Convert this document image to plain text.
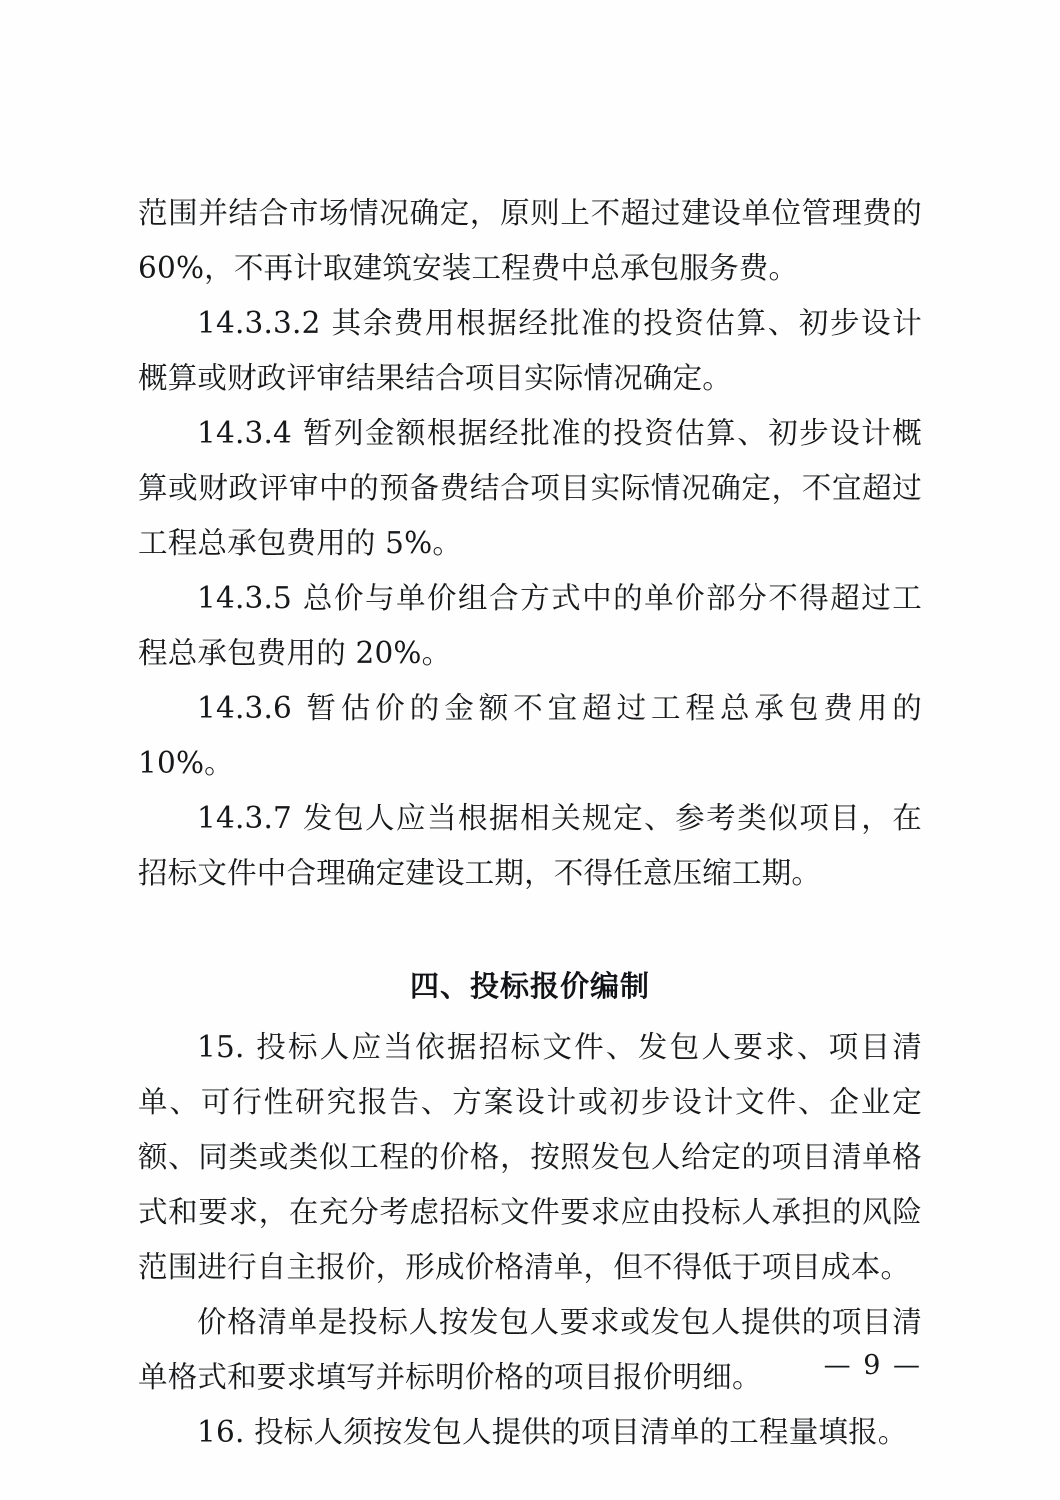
范围并结合市场情况确定，原则上不超过建设单位管理费的60%，不再计取建筑安装工程费中总承包服务费。

14.3.3.2 其余费用根据经批准的投资估算、初步设计概算或财政评审结果结合项目实际情况确定。

14.3.4 暂列金额根据经批准的投资估算、初步设计概算或财政评审中的预备费结合项目实际情况确定，不宜超过工程总承包费用的 5%。

14.3.5 总价与单价组合方式中的单价部分不得超过工程总承包费用的 20%。

14.3.6 暂估价的金额不宜超过工程总承包费用的 10%。

14.3.7 发包人应当根据相关规定、参考类似项目，在招标文件中合理确定建设工期，不得任意压缩工期。

四、投标报价编制

15. 投标人应当依据招标文件、发包人要求、项目清单、可行性研究报告、方案设计或初步设计文件、企业定额、同类或类似工程的价格，按照发包人给定的项目清单格式和要求，在充分考虑招标文件要求应由投标人承担的风险范围进行自主报价，形成价格清单，但不得低于项目成本。

价格清单是投标人按发包人要求或发包人提供的项目清单格式和要求填写并标明价格的项目报价明细。

16. 投标人须按发包人提供的项目清单的工程量填报。

— 9 —
